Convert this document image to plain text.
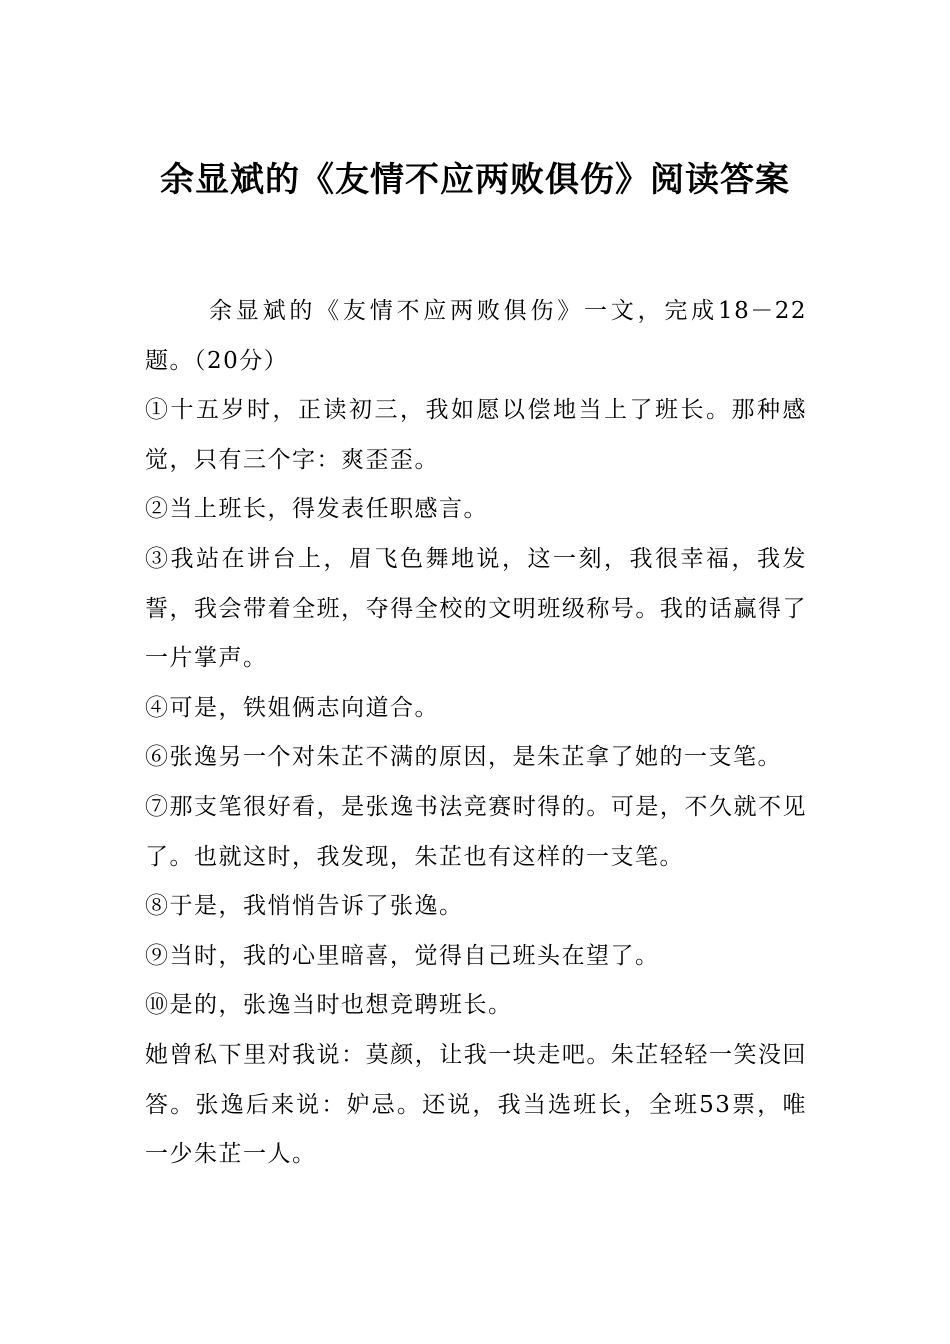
余显斌的《友情不应两败俱伤》阅读答案

余显斌的《友情不应两败俱伤》一文，完成18－22题。（20分）

①十五岁时，正读初三，我如愿以偿地当上了班长。那种感觉，只有三个字：爽歪歪。

②当上班长，得发表任职感言。

③我站在讲台上，眉飞色舞地说，这一刻，我很幸福，我发誓，我会带着全班，夺得全校的文明班级称号。我的话赢得了一片掌声。

④可是，铁姐俩志向道合。

⑥张逸另一个对朱芷不满的原因，是朱芷拿了她的一支笔。

⑦那支笔很好看，是张逸书法竞赛时得的。可是，不久就不见了。也就这时，我发现，朱芷也有这样的一支笔。

⑧于是，我悄悄告诉了张逸。

⑨当时，我的心里暗喜，觉得自己班头在望了。

⑩是的，张逸当时也想竞聘班长。

她曾私下里对我说：莫颜，让我一块走吧。朱芷轻轻一笑没回答。张逸后来说：妒忌。还说，我当选班长，全班53票，唯一少朱芷一人。
